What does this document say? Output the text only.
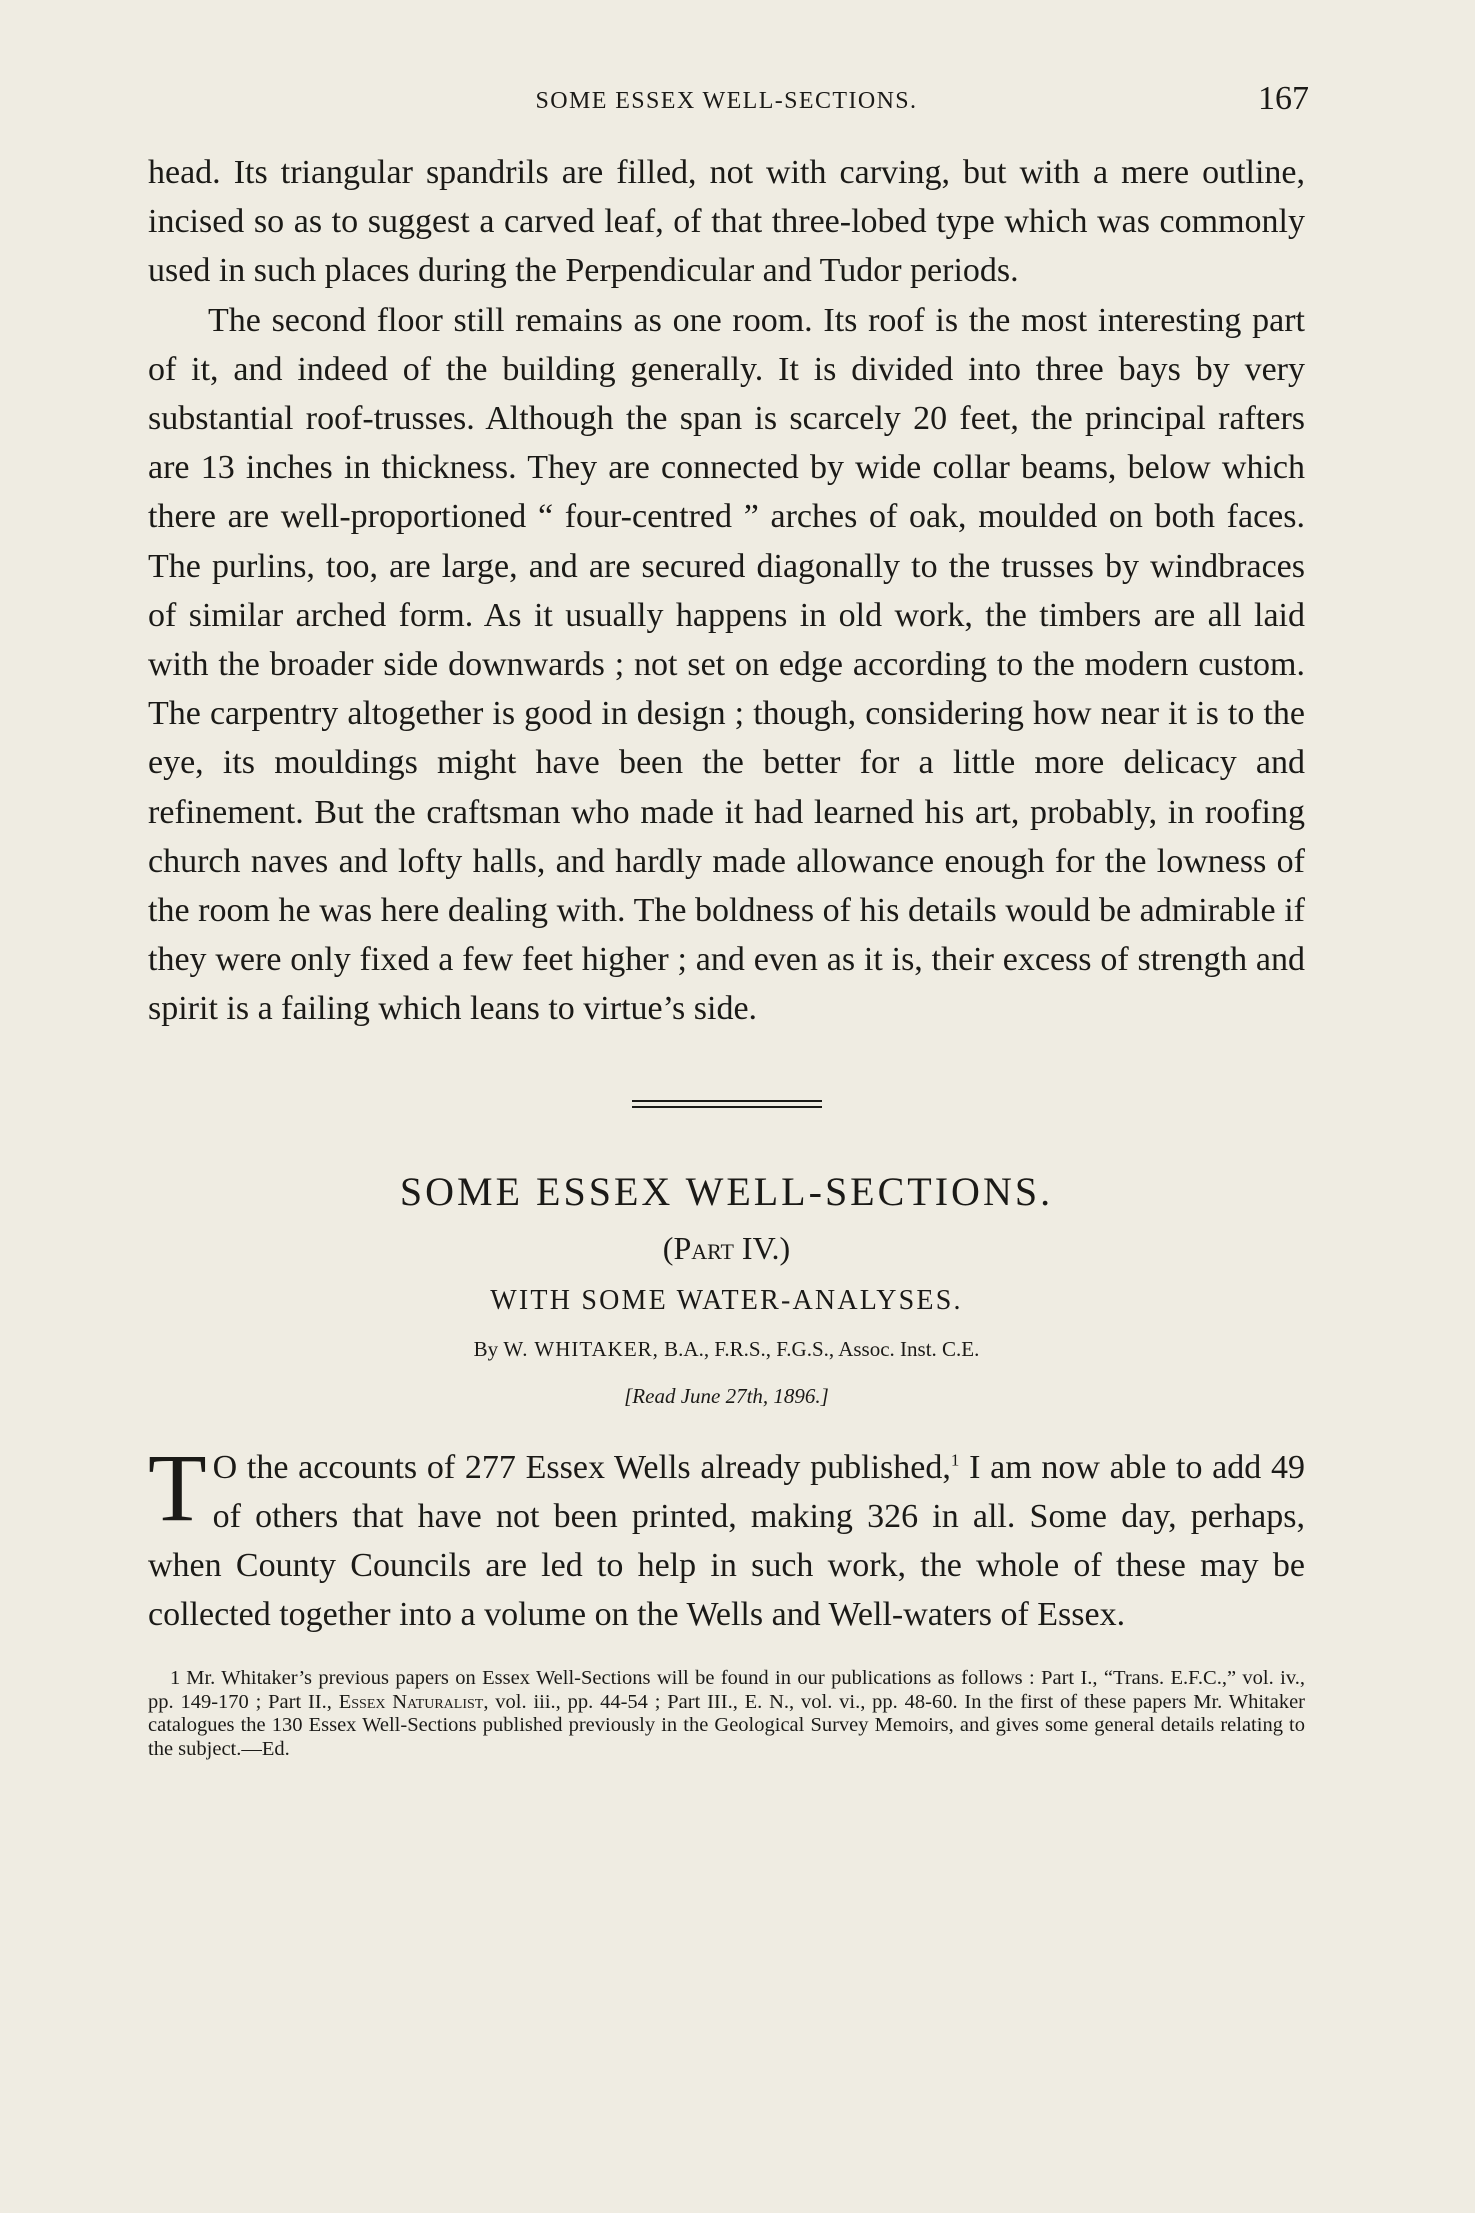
SOME ESSEX WELL-SECTIONS.	167

head. Its triangular spandrils are filled, not with carving, but with a mere outline, incised so as to suggest a carved leaf, of that three-lobed type which was commonly used in such places during the Perpendicular and Tudor periods.

The second floor still remains as one room. Its roof is the most interesting part of it, and indeed of the building generally. It is divided into three bays by very substantial roof-trusses. Although the span is scarcely 20 feet, the principal rafters are 13 inches in thickness. They are connected by wide collar beams, below which there are well-proportioned “ four-centred ” arches of oak, moulded on both faces. The purlins, too, are large, and are secured diagonally to the trusses by windbraces of similar arched form. As it usually happens in old work, the timbers are all laid with the broader side downwards ; not set on edge according to the modern custom. The carpentry altogether is good in design ; though, considering how near it is to the eye, its mouldings might have been the better for a little more delicacy and refinement. But the craftsman who made it had learned his art, probably, in roofing church naves and lofty halls, and hardly made allowance enough for the lowness of the room he was here dealing with. The boldness of his details would be admirable if they were only fixed a few feet higher ; and even as it is, their excess of strength and spirit is a failing which leans to virtue’s side.

SOME ESSEX WELL-SECTIONS.
(Part IV.)
WITH SOME WATER-ANALYSES.
By W. WHITAKER, B.A., F.R.S., F.G.S., Assoc. Inst. C.E.
[Read June 27th, 1896.]
T O the accounts of 277 Essex Wells already published,$^1$ I am now able to add 49 of others that have not been printed, making 326 in all. Some day, perhaps, when County Councils are led to help in such work, the whole of these may be collected together into a volume on the Wells and Well-waters of Essex.
1 Mr. Whitaker’s previous papers on Essex Well-Sections will be found in our publications as follows : Part I., “Trans. E.F.C.,” vol. iv., pp. 149-170 ; Part II., Essex Naturalist, vol. iii., pp. 44-54 ; Part III., E. N., vol. vi., pp. 48-60. In the first of these papers Mr. Whitaker catalogues the 130 Essex Well-Sections published previously in the Geological Survey Memoirs, and gives some general details relating to the subject.—Ed.
